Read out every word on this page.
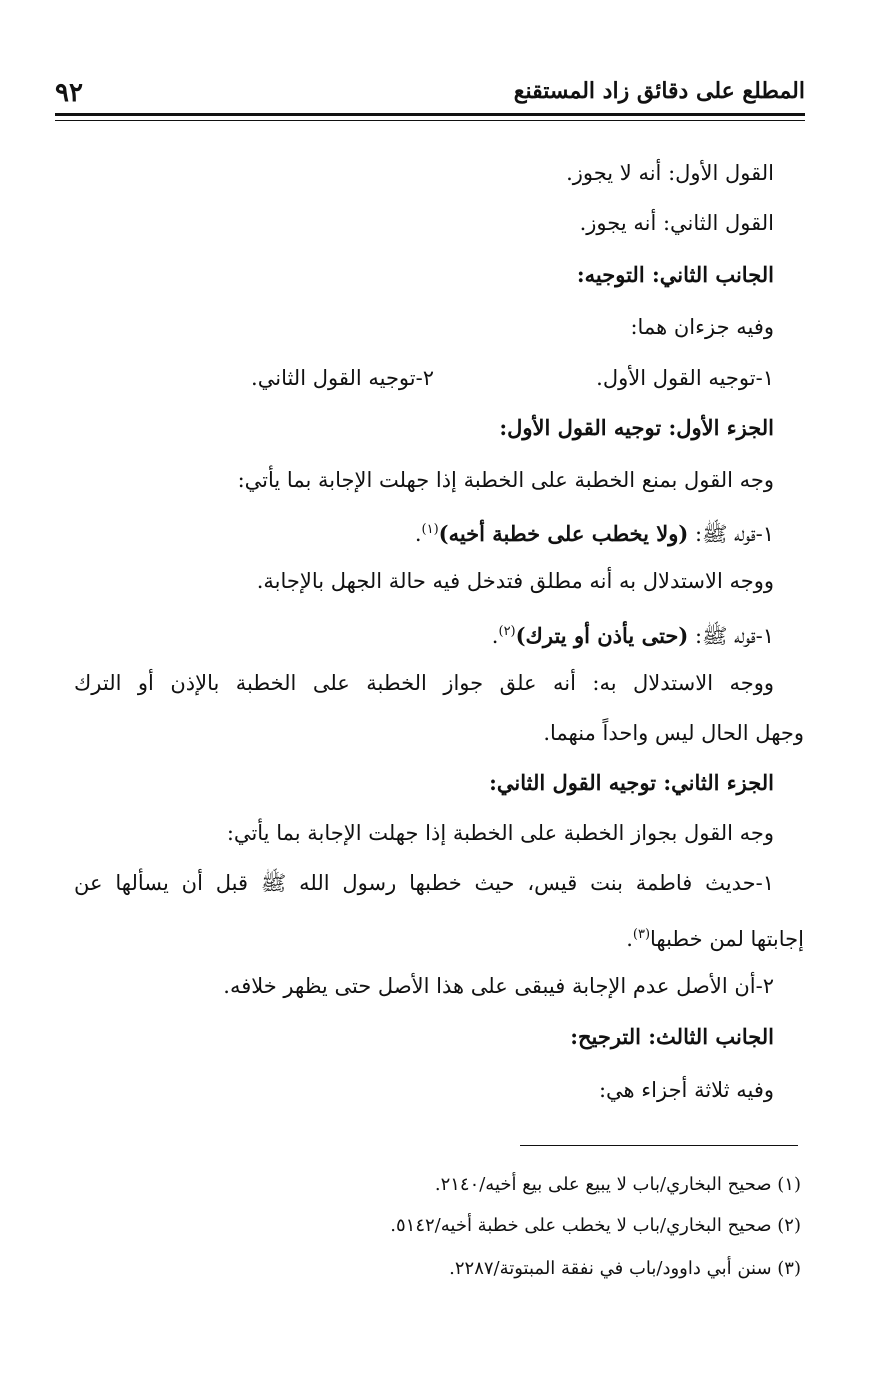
٩٢	المطلع على دقائق زاد المستقنع
القول الأول: أنه لا يجوز.
القول الثاني: أنه يجوز.
الجانب الثاني: التوجيه:
وفيه جزءان هما:
١-توجيه القول الأول.
٢-توجيه القول الثاني.
الجزء الأول: توجيه القول الأول:
وجه القول بمنع الخطبة على الخطبة إذا جهلت الإجابة بما يأتي:
١-قوله ﷺ: (ولا يخطب على خطبة أخيه)$^{(١)}$.
ووجه الاستدلال به أنه مطلق فتدخل فيه حالة الجهل بالإجابة.
١-قوله ﷺ: (حتى يأذن أو يترك)$^{(٢)}$.
ووجه الاستدلال به: أنه علق جواز الخطبة على الخطبة بالإذن أو الترك
وجهل الحال ليس واحداً منهما.
الجزء الثاني: توجيه القول الثاني:
وجه القول بجواز الخطبة على الخطبة إذا جهلت الإجابة بما يأتي:
١-حديث فاطمة بنت قيس، حيث خطبها رسول الله ﷺ قبل أن يسألها عن
إجابتها لمن خطبها$^{(٣)}$.
٢-أن الأصل عدم الإجابة فيبقى على هذا الأصل حتى يظهر خلافه.
الجانب الثالث: الترجيح:
وفيه ثلاثة أجزاء هي:
(١) صحيح البخاري/باب لا يبيع على بيع أخيه/٢١٤٠.
(٢) صحيح البخاري/باب لا يخطب على خطبة أخيه/٥١٤٢.
(٣) سنن أبي داوود/باب في نفقة المبتوتة/٢٢٨٧.
